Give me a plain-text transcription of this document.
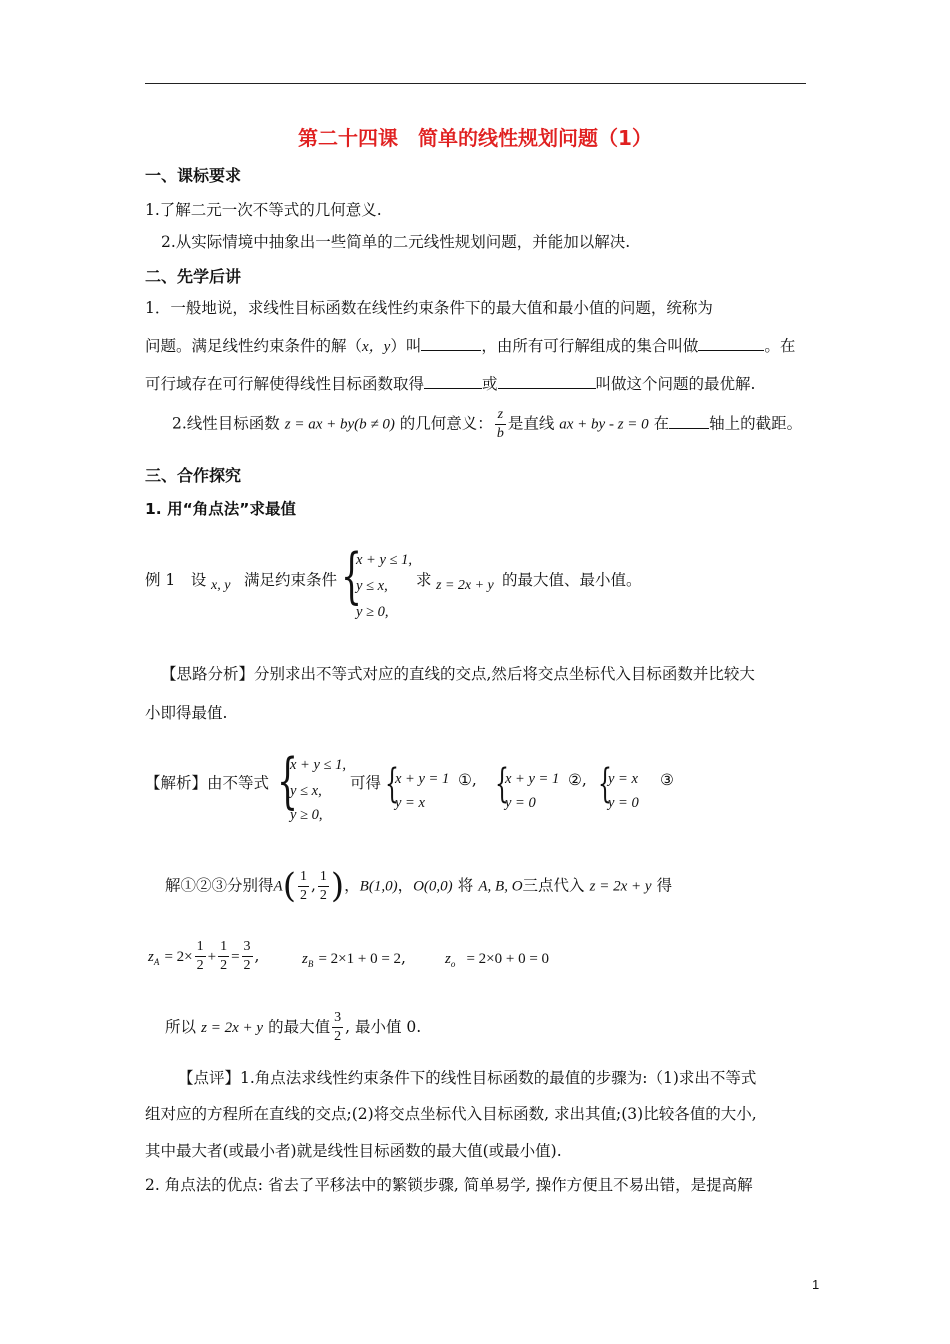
第二十四课　简单的线性规划问题（1）
一、课标要求
1.了解二元一次不等式的几何意义.
2.从实际情境中抽象出一些简单的二元线性规划问题，并能加以解决.
二、先学后讲
1．一般地说，求线性目标函数在线性约束条件下的最大值和最小值的问题，统称为
问题。满足线性约束条件的解（x，y）叫	，由所有可行解组成的集合叫做	。在
可行域存在可行解使得线性目标函数取得	或	叫做这个问题的最优解.
2.线性目标函数 z = ax + by(b ≠ 0) 的几何意义： $\frac{z}{b}$ 是直线 ax + by - z = 0 在	轴上的截距。
三、合作探究
1. 用“角点法”求最值
例 1　设 x, y 满足约束条件 {
x + y ≤ 1,
y ≤ x,
y ≥ 0,
求 z = 2x + y 的最大值、最小值。
【思路分析】分别求出不等式对应的直线的交点,然后将交点坐标代入目标函数并比较大
小即得最值.
【解析】由不等式 {
x + y ≤ 1,
y ≤ x,
y ≥ 0,
可得 {
x + y = 1
y = x
①, {
x + y = 1
y = 0
②, {
y = x
y = 0
③
解①②③分别得$A( \frac{1}{2}$ , $\frac{1}{2}$ )，B(1,0)，O(0,0) 将 A, B, O三点代入 z = 2x + y 得
$z_A = 2\times \frac{1}{2} + \frac{1}{2} = \frac{3}{2}$ ,	$z_B = 2\times 1 + 0 = 2$,	$z_o = 2\times 0 + 0 = 0$
所以 z = 2x + y 的最大值 $\frac{3}{2}$ , 最小值 0.
【点评】1.角点法求线性约束条件下的线性目标函数的最值的步骤为:（1)求出不等式
组对应的方程所在直线的交点;(2)将交点坐标代入目标函数, 求出其值;(3)比较各值的大小,
其中最大者(或最小者)就是线性目标函数的最大值(或最小值).
2. 角点法的优点: 省去了平移法中的繁锁步骤, 简单易学, 操作方便且不易出错，是提高解
1
